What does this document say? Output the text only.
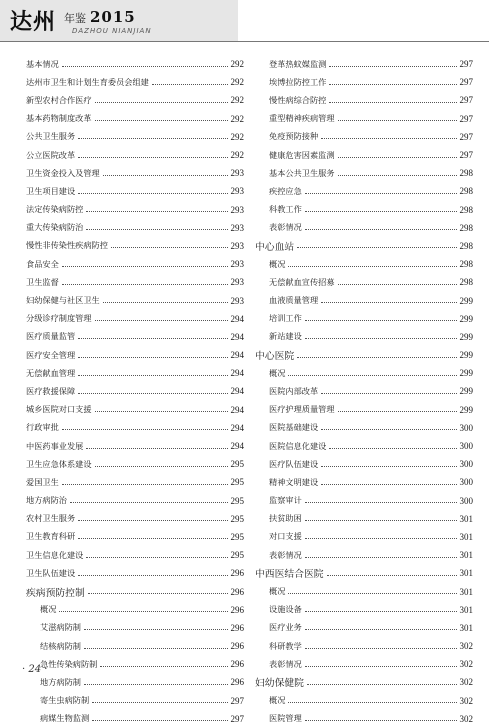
达州 年鉴 2015
DAZHOU NIANJIAN
基本情况	292
达州市卫生和计划生育委员会组建	292
新型农村合作医疗	292
基本药物制度改革	292
公共卫生服务	292
公立医院改革	292
卫生资金投入及管理	293
卫生项目建设	293
法定传染病防控	293
重大传染病防治	293
慢性非传染性疾病防控	293
食品安全	293
卫生监督	293
妇幼保健与社区卫生	293
分级诊疗制度管理	294
医疗质量监管	294
医疗安全管理	294
无偿献血管理	294
医疗救援保障	294
城乡医院对口支援	294
行政审批	294
中医药事业发展	294
卫生应急体系建设	295
爱国卫生	295
地方病防治	295
农村卫生服务	295
卫生教育科研	295
卫生信息化建设	295
卫生队伍建设	296
疾病预防控制	296
概况	296
艾滋病防制	296
结核病防制	296
急性传染病防制	296
地方病防制	296
寄生虫病防制	297
病媒生物监测	297
登革热蚊媒监测	297
埃博拉防控工作	297
慢性病综合防控	297
重型精神疾病管理	297
免疫预防接种	297
健康危害因素监测	297
基本公共卫生服务	298
疾控应急	298
科教工作	298
表彰情况	298
中心血站	298
概况	298
无偿献血宣传招募	298
血液质量管理	299
培训工作	299
新站建设	299
中心医院	299
概况	299
医院内部改革	299
医疗护理质量管理	299
医院基础建设	300
医院信息化建设	300
医疗队伍建设	300
精神文明建设	300
监察审计	300
扶贫助困	301
对口支援	301
表彰情况	301
中西医结合医院	301
概况	301
设施设备	301
医疗业务	301
科研教学	302
表彰情况	302
妇幼保健院	302
概况	302
医院管理	302
· 24 ·
